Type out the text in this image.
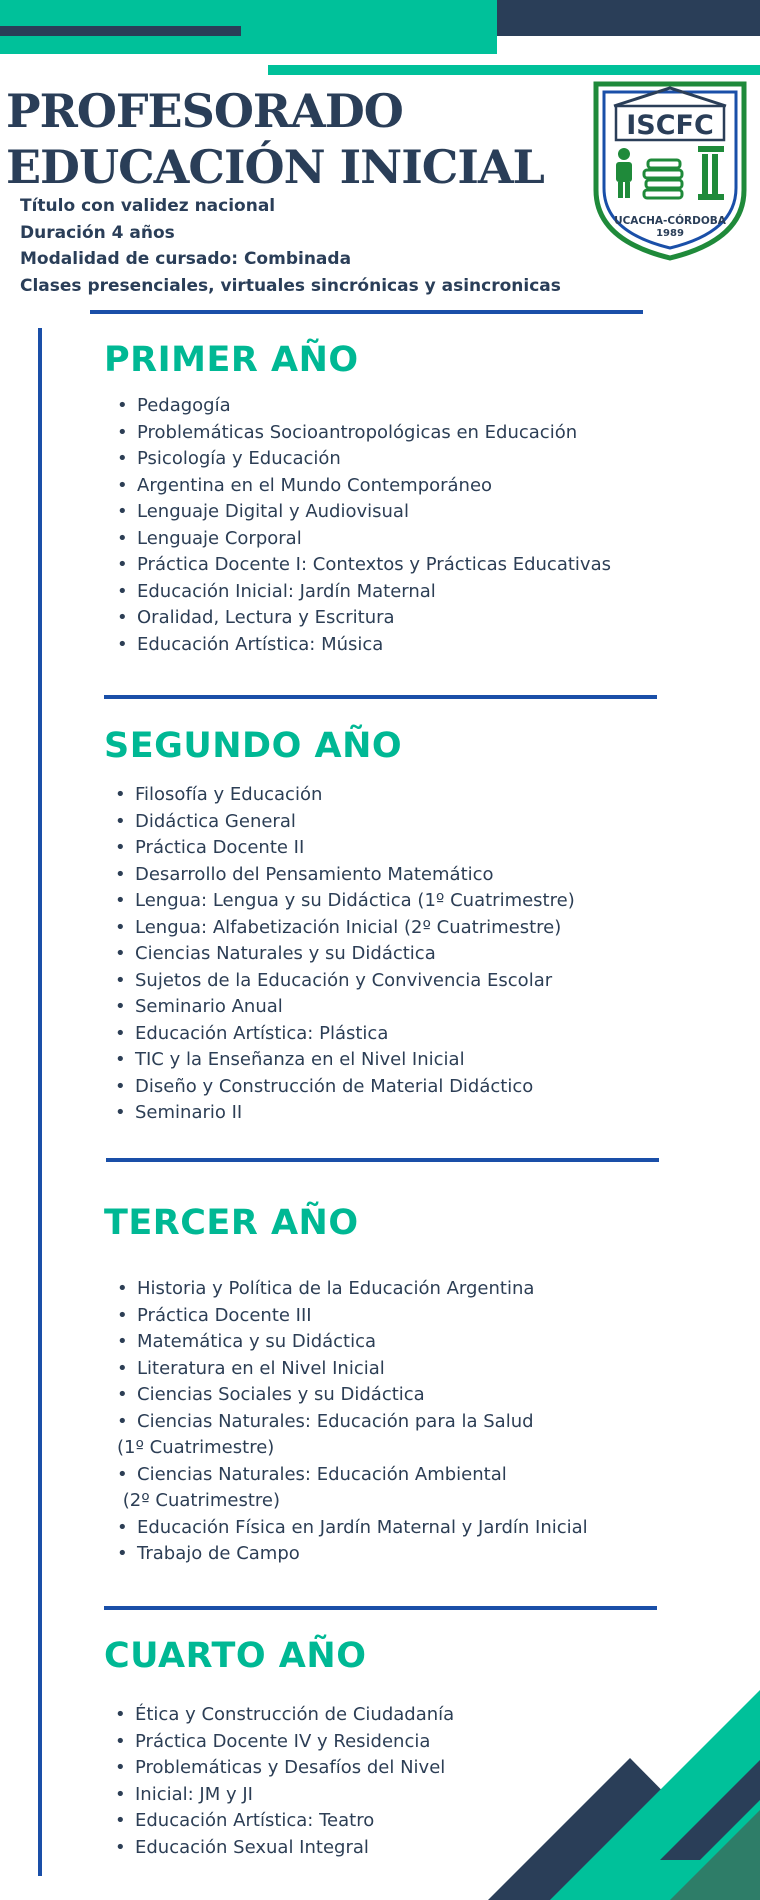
PROFESORADO
EDUCACIÓN INICIAL
Título con validez nacional
Duración 4 años
Modalidad de cursado: Combinada
Clases presenciales, virtuales sincrónicas y asincronicas
ISCFC
UCACHA-CÓRDOBA
1989
PRIMER AÑO
• Pedagogía
• Problemáticas Socioantropológicas en Educación
• Psicología y Educación
• Argentina en el Mundo Contemporáneo
• Lenguaje Digital y Audiovisual
• Lenguaje Corporal
• Práctica Docente I: Contextos y Prácticas Educativas
• Educación Inicial: Jardín Maternal
• Oralidad, Lectura y Escritura
• Educación Artística: Música
SEGUNDO AÑO
• Filosofía y Educación
• Didáctica General
• Práctica Docente II
• Desarrollo del Pensamiento Matemático
• Lengua: Lengua y su Didáctica (1º Cuatrimestre)
• Lengua: Alfabetización Inicial (2º Cuatrimestre)
• Ciencias Naturales y su Didáctica
• Sujetos de la Educación y Convivencia Escolar
• Seminario Anual
• Educación Artística: Plástica
• TIC y la Enseñanza en el Nivel Inicial
• Diseño y Construcción de Material Didáctico
• Seminario II
TERCER AÑO
• Historia y Política de la Educación Argentina
• Práctica Docente III
• Matemática y su Didáctica
• Literatura en el Nivel Inicial
• Ciencias Sociales y su Didáctica
• Ciencias Naturales: Educación para la Salud
(1º Cuatrimestre)
• Ciencias Naturales: Educación Ambiental
(2º Cuatrimestre)
• Educación Física en Jardín Maternal y Jardín Inicial
• Trabajo de Campo
CUARTO AÑO
• Ética y Construcción de Ciudadanía
• Práctica Docente IV y Residencia
• Problemáticas y Desafíos del Nivel
• Inicial: JM y JI
• Educación Artística: Teatro
• Educación Sexual Integral
